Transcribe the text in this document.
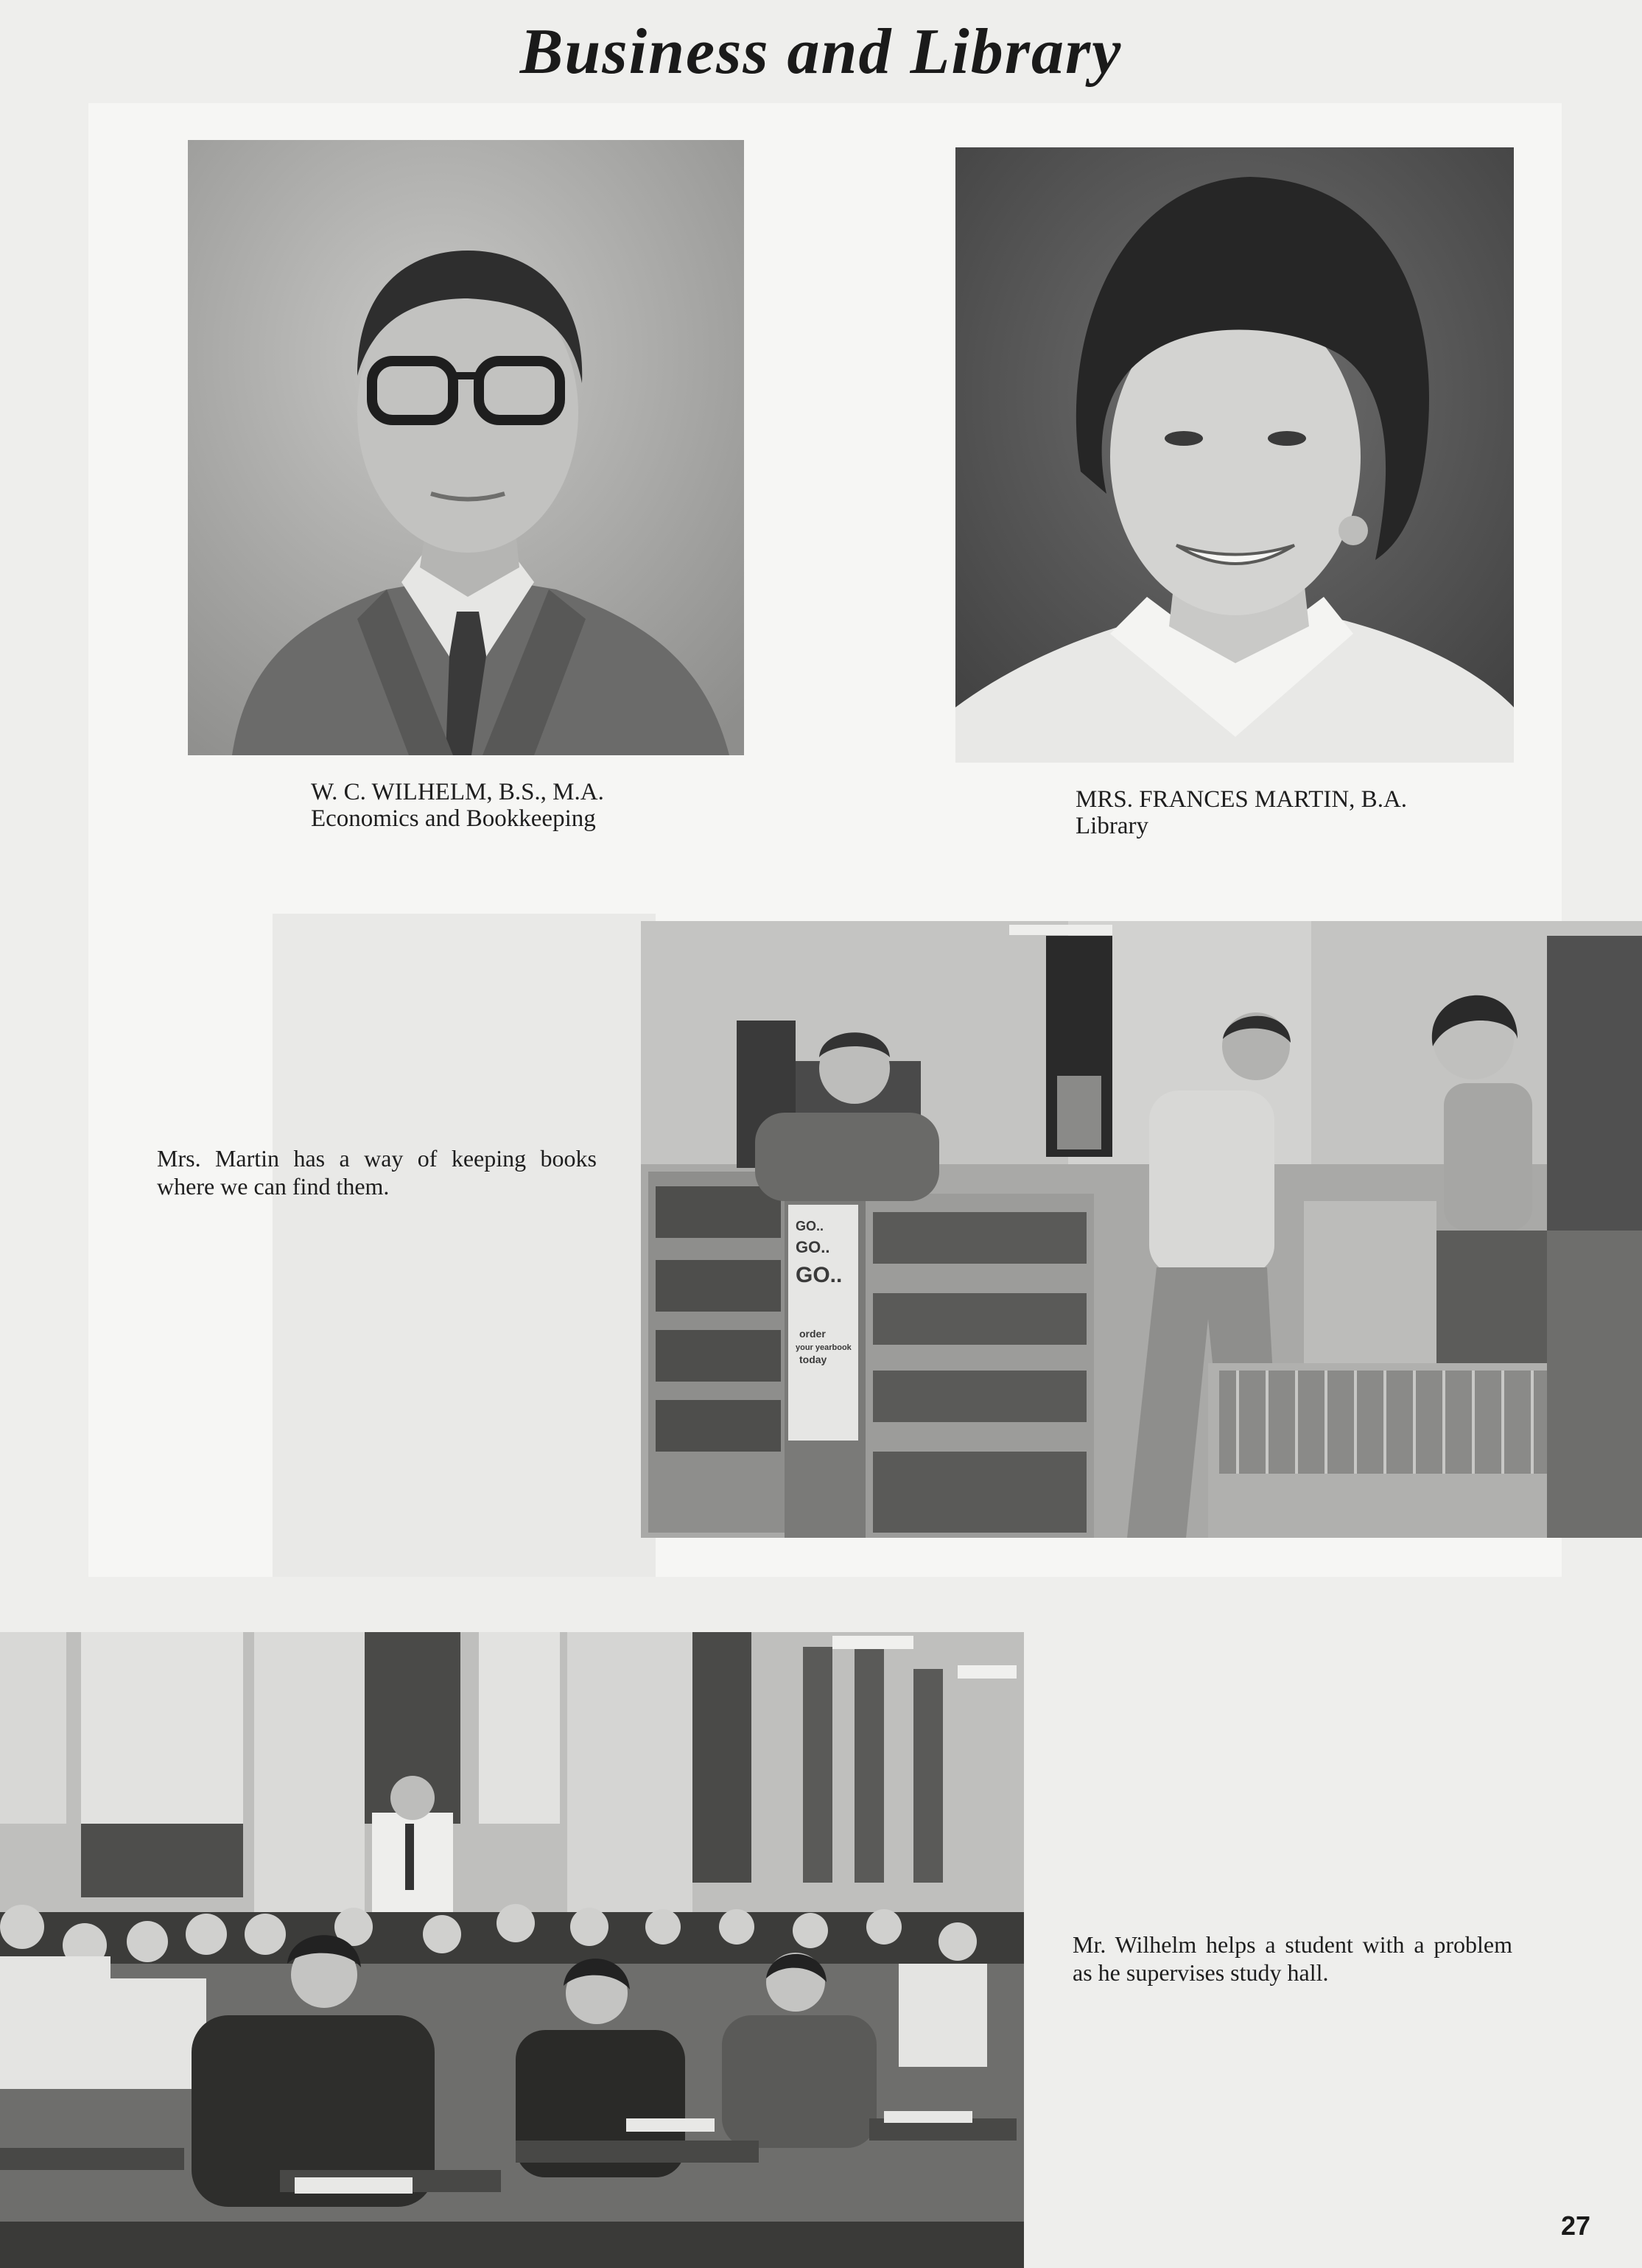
Business and Library
W. C. WILHELM, B.S., M.A.
Economics and Bookkeeping
MRS. FRANCES MARTIN, B.A.
Library
Mrs. Martin has a way of keeping books where we can find them.
GO..
GO..
GO..
order
your yearbook
today
Mr. Wilhelm helps a student with a problem as he supervises study hall.
27
